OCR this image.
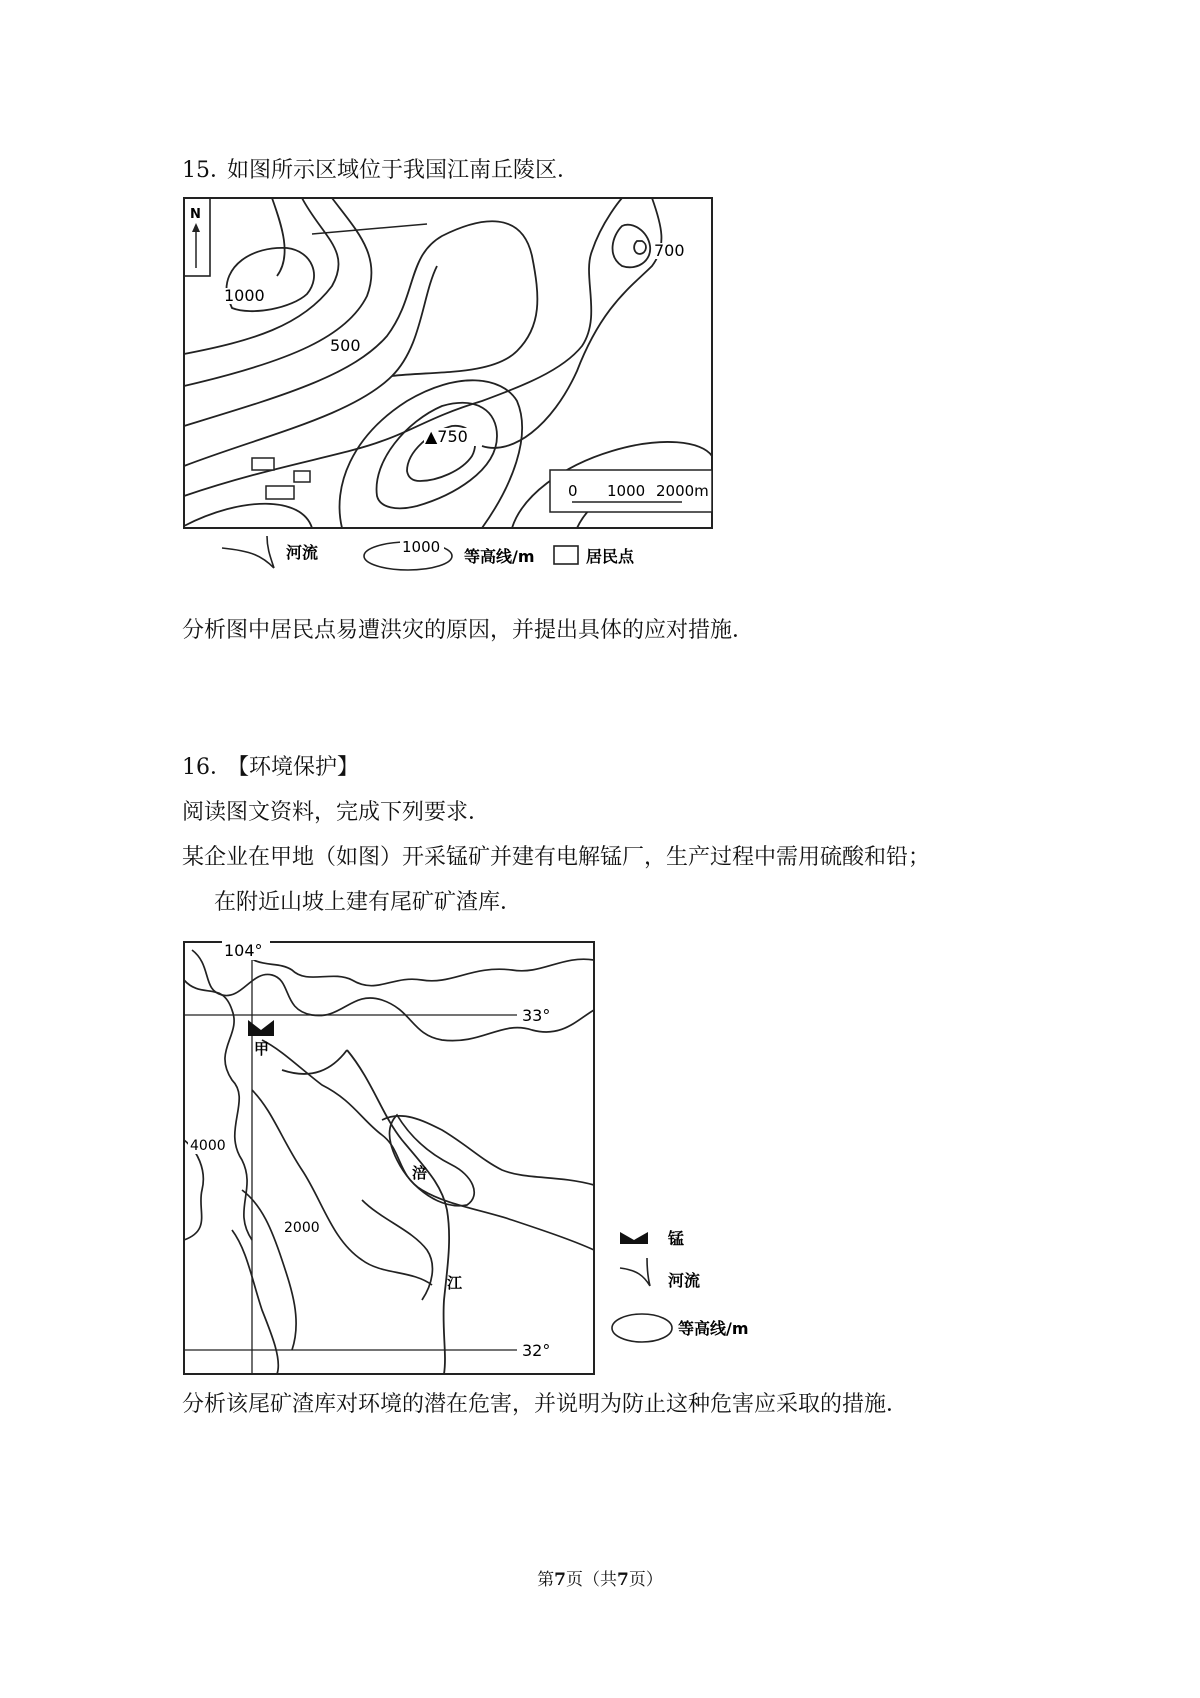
15．
如图所示区域位于我国江南丘陵区．
N
1000
500
700
▲750
0 1000 2000m
河流	1000 等高线/m	居民点
分析图中居民点易遭洪灾的原因，并提出具体的应对措施．
16．
【环境保护】
阅读图文资料，完成下列要求．
某企业在甲地（如图）开采锰矿并建有电解锰厂，生产过程中需用硫酸和铅；
在附近山坡上建有尾矿矿渣库．
104°
33°
32°
甲
4000
2000
涪
江
锰
河流
等高线/m
分析该尾矿渣库对环境的潜在危害，并说明为防止这种危害应采取的措施．
第7页（共7页）
